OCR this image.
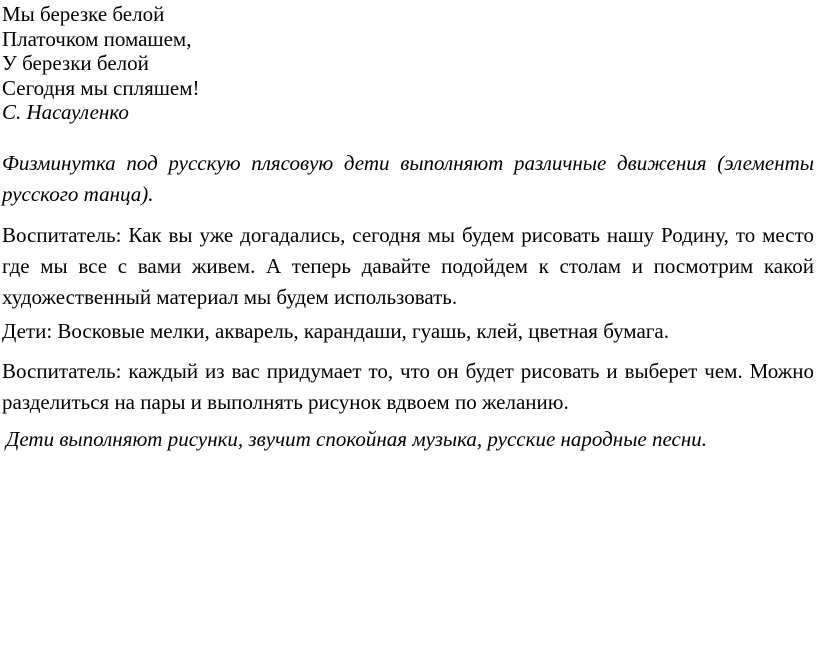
Мы березке белой
Платочком помашем,
У березки белой
Сегодня мы спляшем!
С. Насауленко

Физминутка под русскую плясовую дети выполняют различные движения (элементы русского танца).

Воспитатель: Как вы уже догадались, сегодня мы будем рисовать нашу Родину, то место где мы все с вами живем. А теперь давайте подойдем к столам и посмотрим какой художественный материал мы будем использовать.

Дети: Восковые мелки, акварель, карандаши, гуашь, клей, цветная бумага.

Воспитатель: каждый из вас придумает то, что он будет рисовать и выберет чем. Можно разделиться на пары и выполнять рисунок вдвоем по желанию.

Дети выполняют рисунки, звучит спокойная музыка, русские народные песни.
